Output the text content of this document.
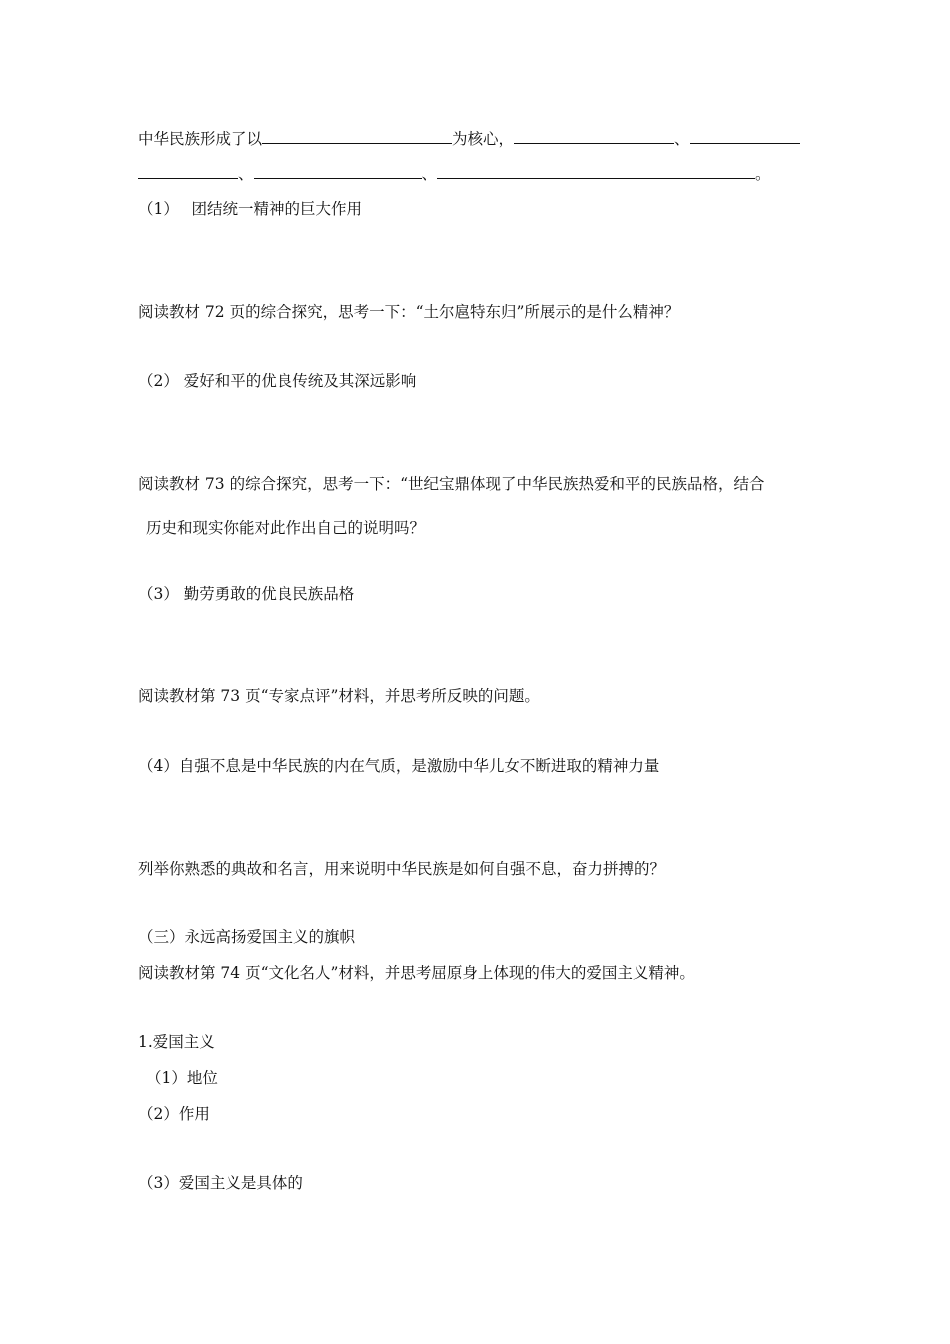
中华民族形成了以	为核心，	、
、	、	。
（1）　 团结统一精神的巨大作用
阅读教材 72 页的综合探究，思考一下：“土尔扈特东归”所展示的是什么精神？
（2） 爱好和平的优良传统及其深远影响
阅读教材 73 的综合探究，思考一下：“世纪宝鼎体现了中华民族热爱和平的民族品格，结合
历史和现实你能对此作出自己的说明吗？
（3） 勤劳勇敢的优良民族品格
阅读教材第 73 页“专家点评”材料，并思考所反映的问题。
（4）自强不息是中华民族的内在气质，是激励中华儿女不断进取的精神力量
列举你熟悉的典故和名言，用来说明中华民族是如何自强不息，奋力拼搏的？
（三）永远高扬爱国主义的旗帜
阅读教材第 74 页“文化名人”材料，并思考屈原身上体现的伟大的爱国主义精神。
1.爱国主义
（1）地位
（2）作用
（3）爱国主义是具体的
